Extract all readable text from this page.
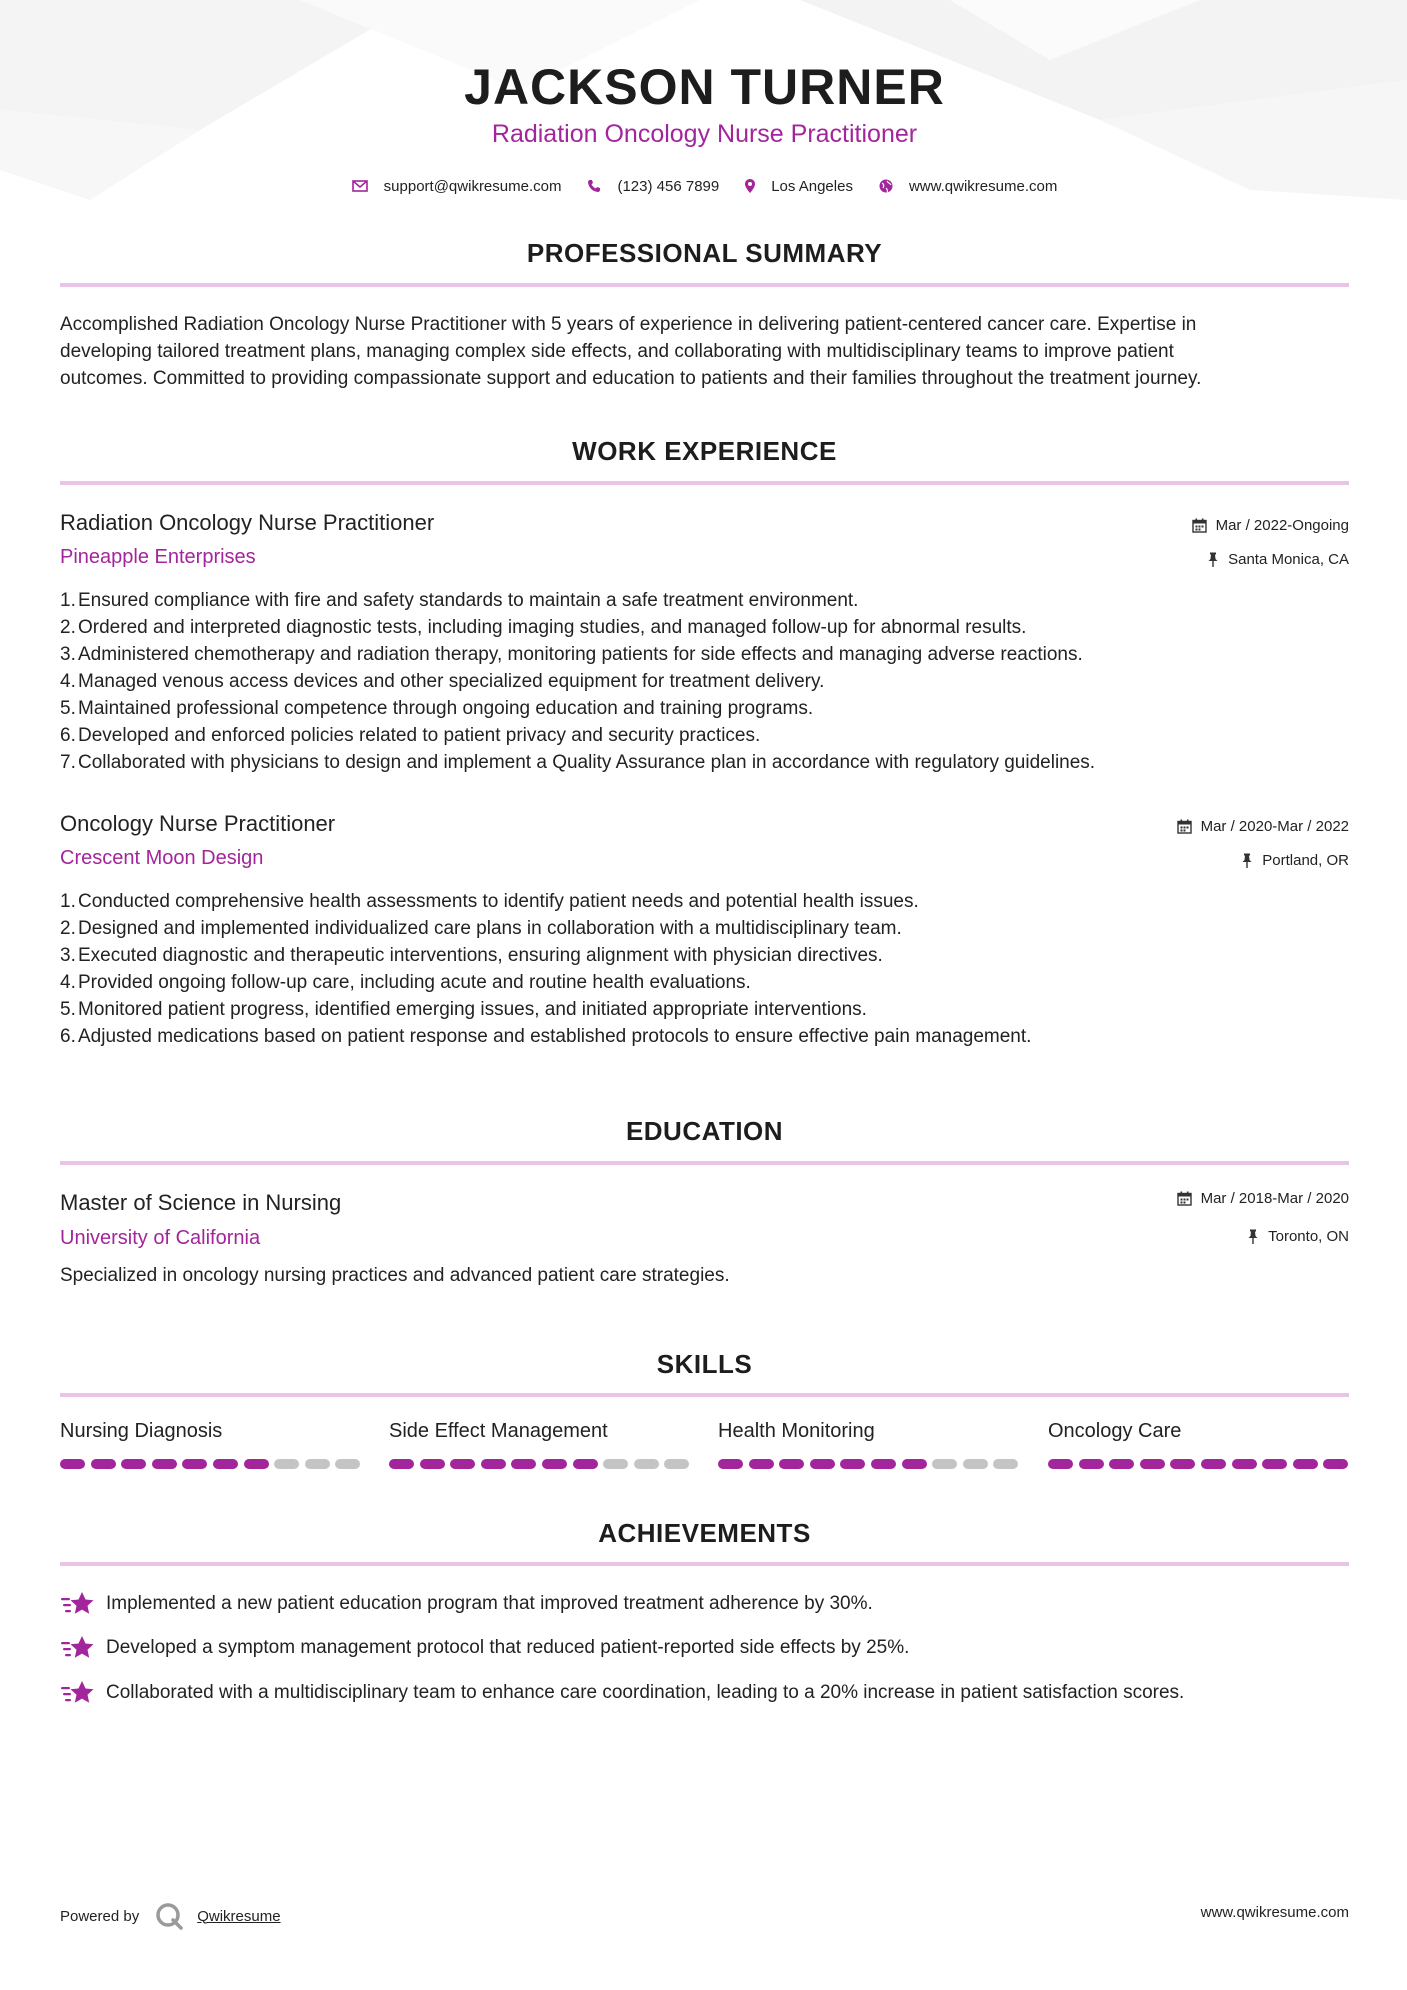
JACKSON TURNER
Radiation Oncology Nurse Practitioner
support@qwikresume.com	(123) 456 7899	Los Angeles	www.qwikresume.com
PROFESSIONAL SUMMARY
Accomplished Radiation Oncology Nurse Practitioner with 5 years of experience in delivering patient-centered cancer care. Expertise in
developing tailored treatment plans, managing complex side effects, and collaborating with multidisciplinary teams to improve patient
outcomes. Committed to providing compassionate support and education to patients and their families throughout the treatment journey.
WORK EXPERIENCE
Radiation Oncology Nurse Practitioner
Pineapple Enterprises
Mar / 2022-Ongoing
Santa Monica, CA
Ensured compliance with fire and safety standards to maintain a safe treatment environment.
Ordered and interpreted diagnostic tests, including imaging studies, and managed follow-up for abnormal results.
Administered chemotherapy and radiation therapy, monitoring patients for side effects and managing adverse reactions.
Managed venous access devices and other specialized equipment for treatment delivery.
Maintained professional competence through ongoing education and training programs.
Developed and enforced policies related to patient privacy and security practices.
Collaborated with physicians to design and implement a Quality Assurance plan in accordance with regulatory guidelines.
Oncology Nurse Practitioner
Crescent Moon Design
Mar / 2020-Mar / 2022
Portland, OR
Conducted comprehensive health assessments to identify patient needs and potential health issues.
Designed and implemented individualized care plans in collaboration with a multidisciplinary team.
Executed diagnostic and therapeutic interventions, ensuring alignment with physician directives.
Provided ongoing follow-up care, including acute and routine health evaluations.
Monitored patient progress, identified emerging issues, and initiated appropriate interventions.
Adjusted medications based on patient response and established protocols to ensure effective pain management.
EDUCATION
Master of Science in Nursing
University of California
Mar / 2018-Mar / 2020
Toronto, ON
Specialized in oncology nursing practices and advanced patient care strategies.
SKILLS
Nursing Diagnosis	Side Effect Management	Health Monitoring	Oncology Care
ACHIEVEMENTS
Implemented a new patient education program that improved treatment adherence by 30%.
Developed a symptom management protocol that reduced patient-reported side effects by 25%.
Collaborated with a multidisciplinary team to enhance care coordination, leading to a 20% increase in patient satisfaction scores.
Powered by	Qwikresume	www.qwikresume.com
